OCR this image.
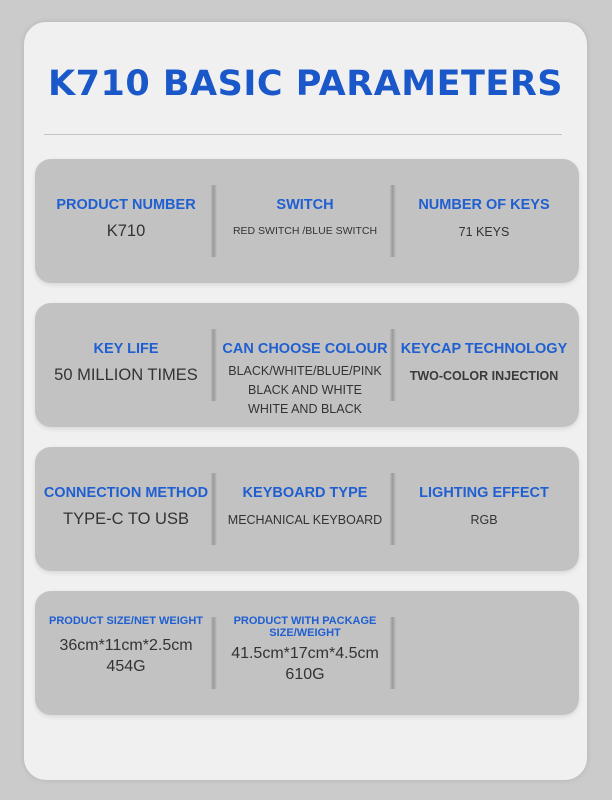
K710 BASIC PARAMETERS
PRODUCT NUMBER
K710
SWITCH
RED SWITCH /BLUE SWITCH
NUMBER OF KEYS
71 KEYS
KEY LIFE
50 MILLION TIMES
CAN CHOOSE COLOUR
BLACK/WHITE/BLUE/PINK
BLACK AND WHITE
WHITE AND BLACK
KEYCAP TECHNOLOGY
TWO-COLOR INJECTION
CONNECTION METHOD
TYPE-C TO USB
KEYBOARD TYPE
MECHANICAL KEYBOARD
LIGHTING EFFECT
RGB
PRODUCT SIZE/NET WEIGHT
36cm*11cm*2.5cm
454G
PRODUCT WITH PACKAGE
SIZE/WEIGHT
41.5cm*17cm*4.5cm
610G
